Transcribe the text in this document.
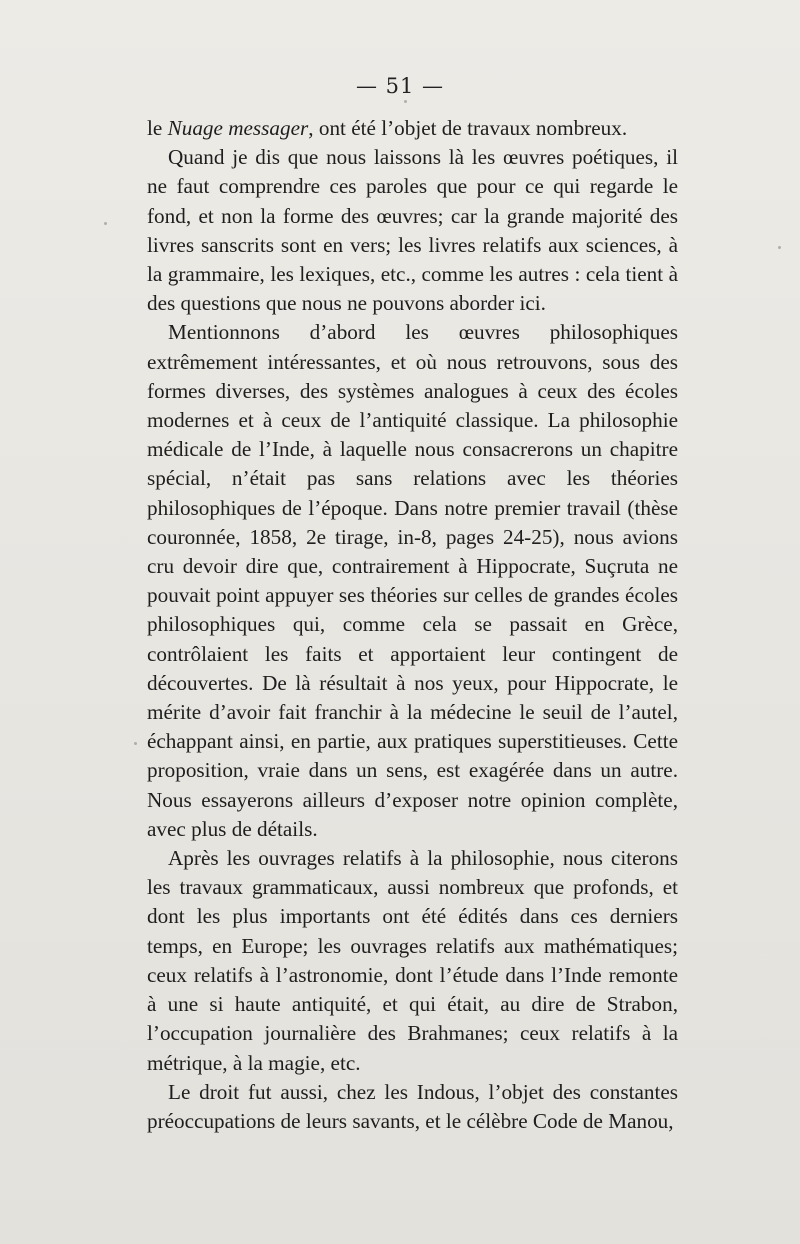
— 51 —

le Nuage messager, ont été l’objet de travaux nombreux.

Quand je dis que nous laissons là les œuvres poétiques, il ne faut comprendre ces paroles que pour ce qui regarde le fond, et non la forme des œuvres; car la grande majorité des livres sanscrits sont en vers; les livres relatifs aux sciences, à la grammaire, les lexiques, etc., comme les autres : cela tient à des questions que nous ne pouvons aborder ici.

Mentionnons d’abord les œuvres philosophiques extrêmement intéressantes, et où nous retrouvons, sous des formes diverses, des systèmes analogues à ceux des écoles modernes et à ceux de l’antiquité classique. La philosophie médicale de l’Inde, à laquelle nous consacrerons un chapitre spécial, n’était pas sans relations avec les théories philosophiques de l’époque. Dans notre premier travail (thèse couronnée, 1858, 2e tirage, in-8, pages 24-25), nous avions cru devoir dire que, contrairement à Hippocrate, Suçruta ne pouvait point appuyer ses théories sur celles de grandes écoles philosophiques qui, comme cela se passait en Grèce, contrôlaient les faits et apportaient leur contingent de découvertes. De là résultait à nos yeux, pour Hippocrate, le mérite d’avoir fait franchir à la médecine le seuil de l’autel, échappant ainsi, en partie, aux pratiques superstitieuses. Cette proposition, vraie dans un sens, est exagérée dans un autre. Nous essayerons ailleurs d’exposer notre opinion complète, avec plus de détails.

Après les ouvrages relatifs à la philosophie, nous citerons les travaux grammaticaux, aussi nombreux que profonds, et dont les plus importants ont été édités dans ces derniers temps, en Europe; les ouvrages relatifs aux mathématiques; ceux relatifs à l’astronomie, dont l’étude dans l’Inde remonte à une si haute antiquité, et qui était, au dire de Strabon, l’occupation journalière des Brahmanes; ceux relatifs à la métrique, à la magie, etc.

Le droit fut aussi, chez les Indous, l’objet des constantes préoccupations de leurs savants, et le célèbre Code de Manou,
